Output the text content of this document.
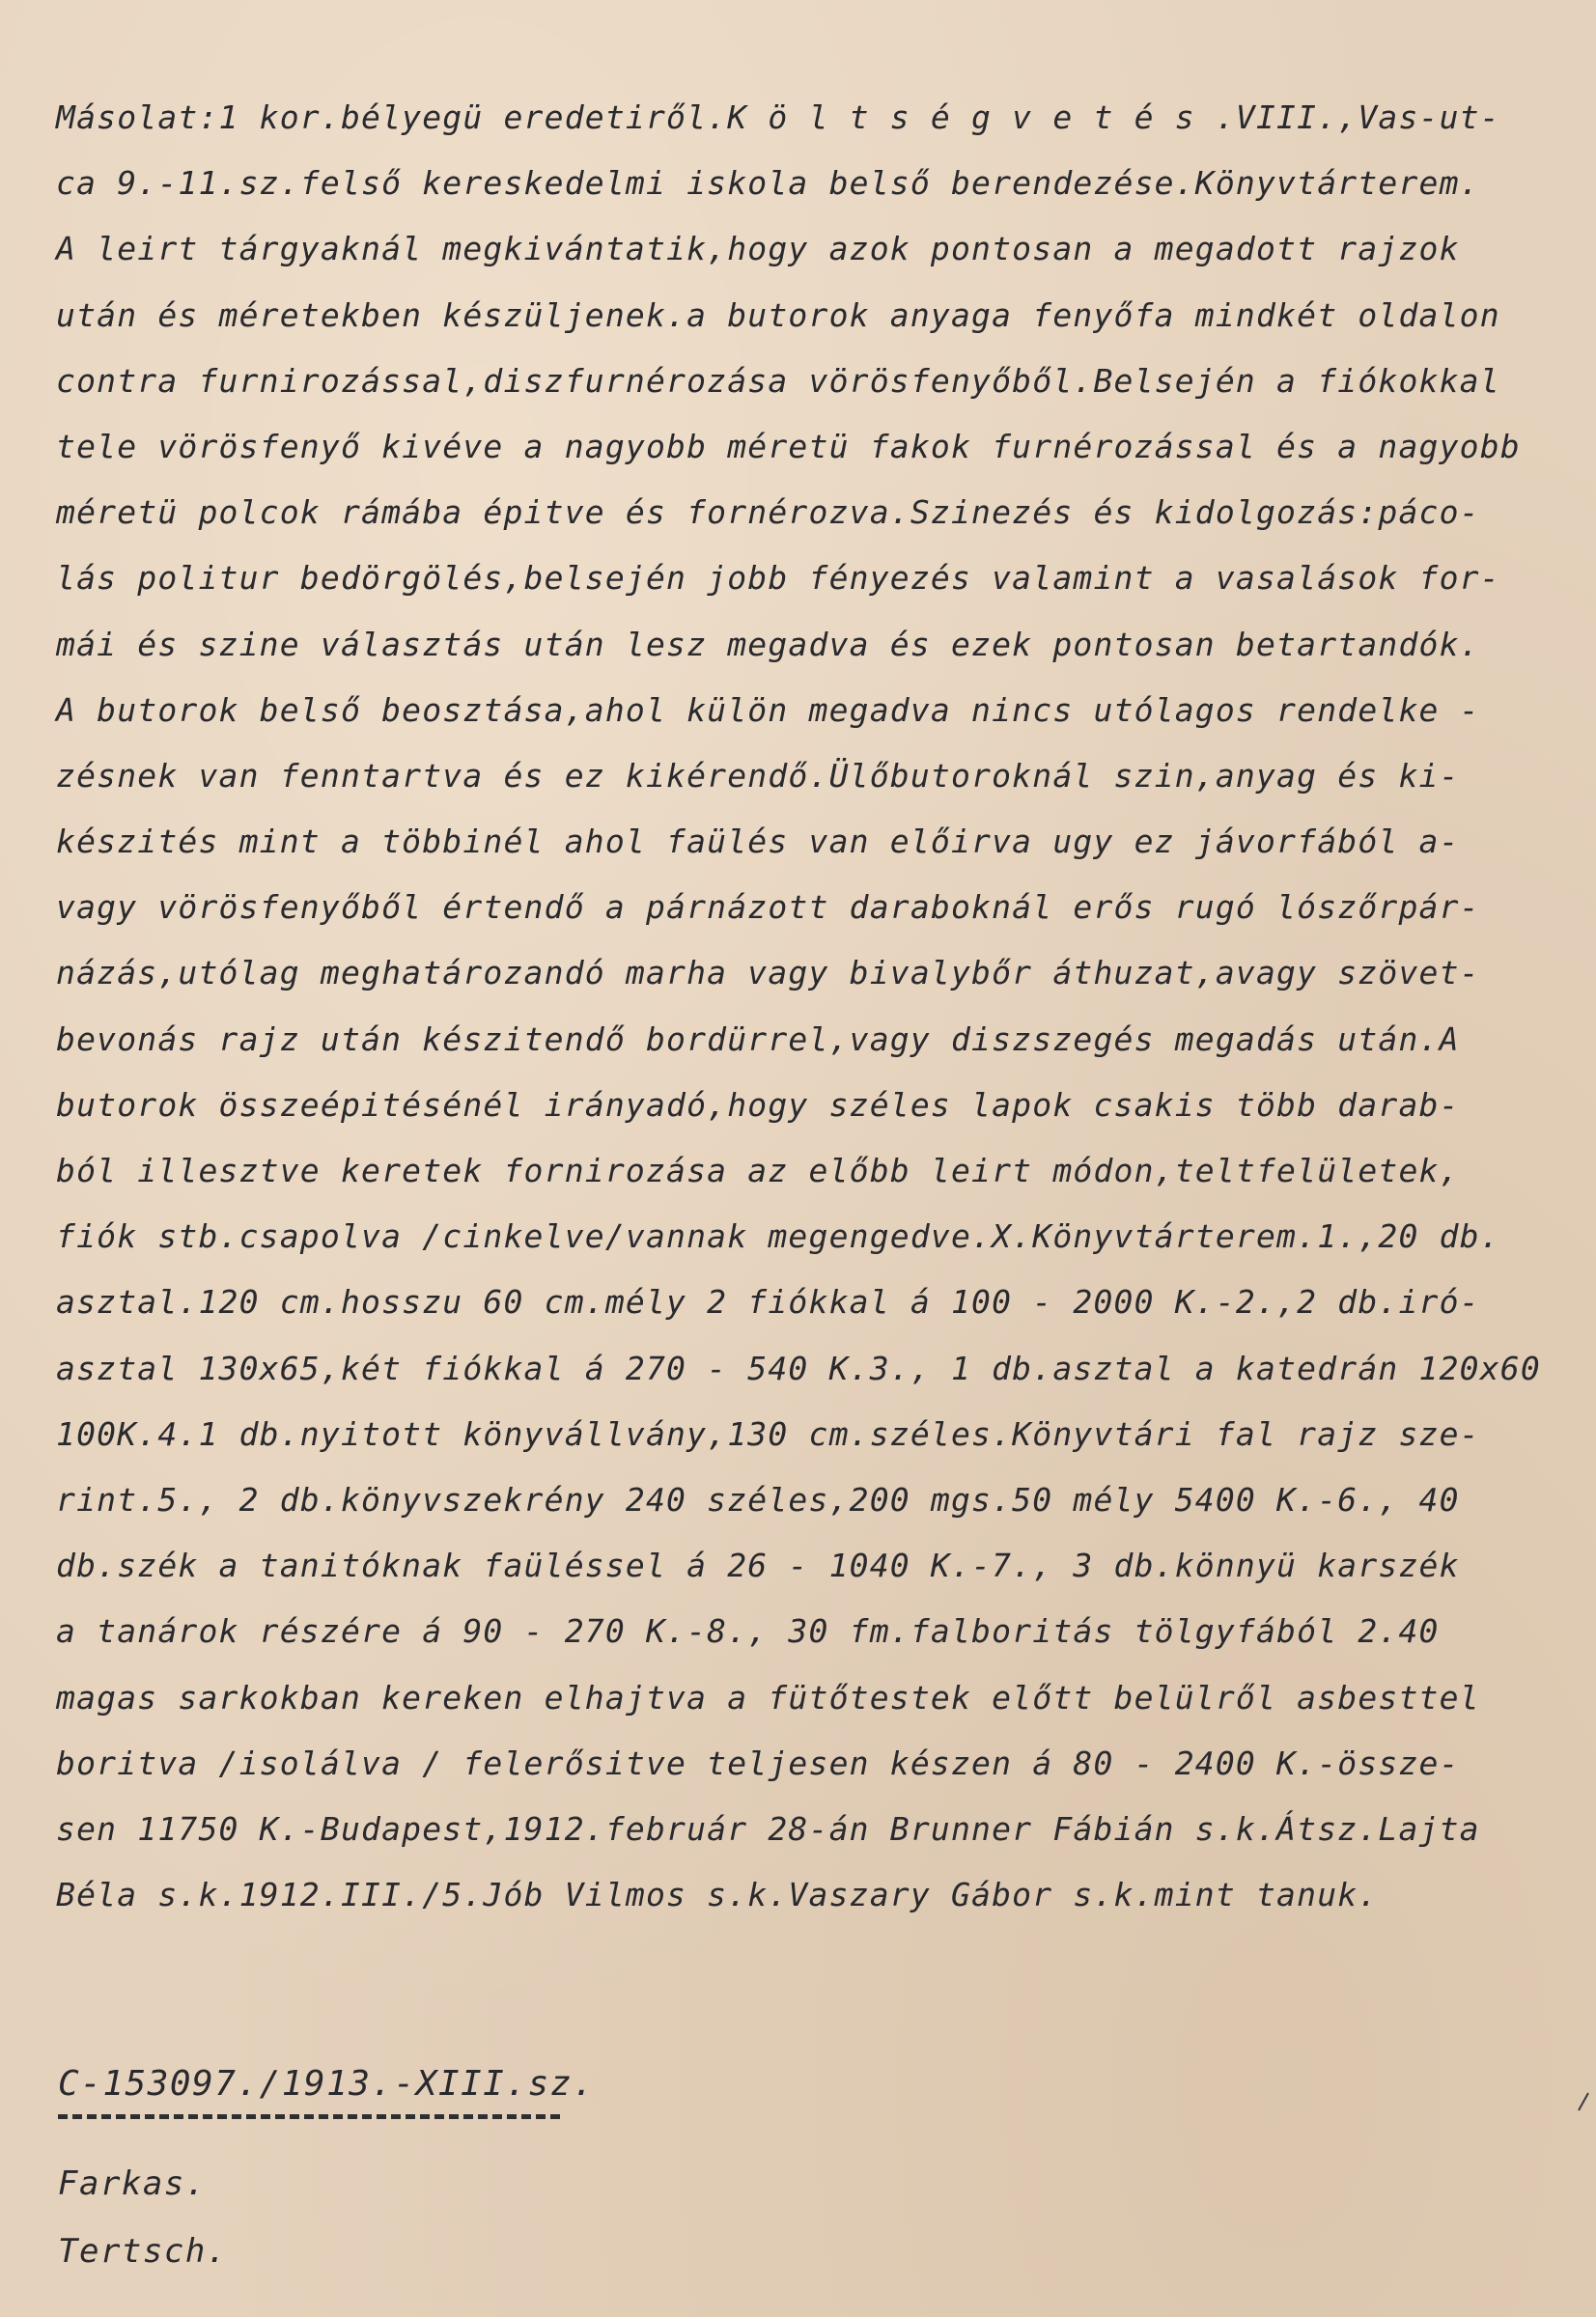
Másolat:1 kor.bélyegü eredetiről.K ö l t s é g v e t é s .VIII.,Vas-ut-
ca 9.-11.sz.felső kereskedelmi iskola belső berendezése.Könyvtárterem.
A leirt tárgyaknál megkivántatik,hogy azok pontosan a megadott rajzok
után és méretekben készüljenek.a butorok anyaga fenyőfa mindkét oldalon
contra furnirozással,diszfurnérozása vörösfenyőből.Belsején a fiókokkal
tele vörösfenyő kivéve a nagyobb méretü fakok furnérozással és a nagyobb
méretü polcok rámába épitve és fornérozva.Szinezés és kidolgozás:páco-
lás politur bedörgölés,belsején jobb fényezés valamint a vasalások for-
mái és szine választás után lesz megadva és ezek pontosan betartandók.
A butorok belső beosztása,ahol külön megadva nincs utólagos rendelke -
zésnek van fenntartva és ez kikérendő.Ülőbutoroknál szin,anyag és ki-
készités mint a többinél ahol faülés van előirva ugy ez jávorfából a-
vagy vörösfenyőből értendő a párnázott daraboknál erős rugó lószőrpár-
názás,utólag meghatározandó marha vagy bivalybőr áthuzat,avagy szövet-
bevonás rajz után készitendő bordürrel,vagy diszszegés megadás után.A
butorok összeépitésénél irányadó,hogy széles lapok csakis több darab-
ból illesztve keretek fornirozása az előbb leirt módon,teltfelületek,
fiók stb.csapolva /cinkelve/vannak megengedve.X.Könyvtárterem.1.,20 db.
asztal.120 cm.hosszu 60 cm.mély 2 fiókkal á 100 - 2000 K.-2.,2 db.iró-
asztal 130x65,két fiókkal á 270 - 540 K.3., 1 db.asztal a katedrán 120x60
100K.4.1 db.nyitott könyvállvány,130 cm.széles.Könyvtári fal rajz sze-
rint.5., 2 db.könyvszekrény 240 széles,200 mgs.50 mély 5400 K.-6., 40
db.szék a tanitóknak faüléssel á 26 - 1040 K.-7., 3 db.könnyü karszék
a tanárok részére á 90 - 270 K.-8., 30 fm.falboritás tölgyfából 2.40
magas sarkokban kereken elhajtva a fütőtestek előtt belülről asbesttel
boritva /isolálva / felerősitve teljesen készen á 80 - 2400 K.-össze-
sen 11750 K.-Budapest,1912.február 28-án Brunner Fábián s.k.Átsz.Lajta
Béla s.k.1912.III./5.Jób Vilmos s.k.Vaszary Gábor s.k.mint tanuk.
C-153097./1913.-XIII.sz.
Farkas.
Tertsch.
